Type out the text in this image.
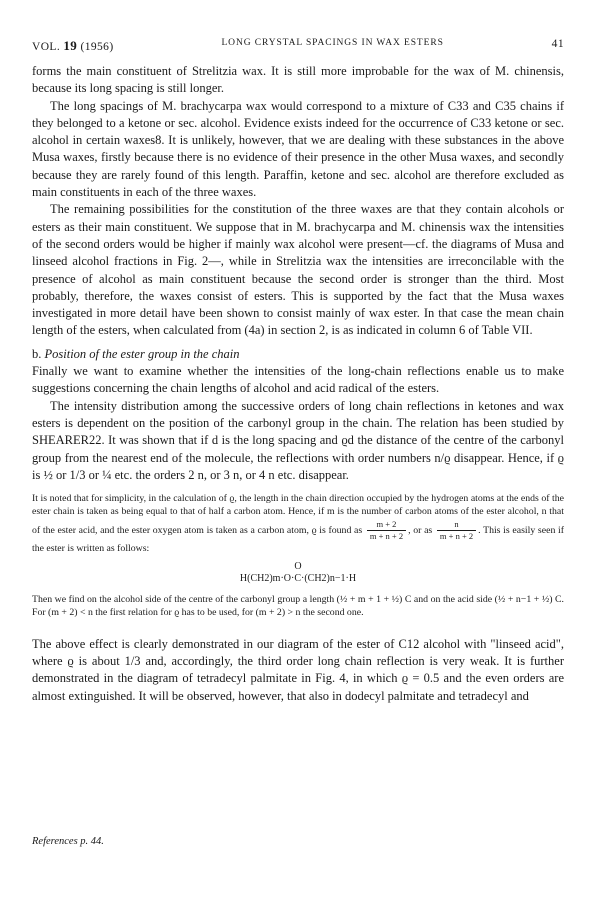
VOL. 19 (1956)	LONG CRYSTAL SPACINGS IN WAX ESTERS	41

forms the main constituent of Strelitzia wax. It is still more improbable for the wax of M. chinensis, because its long spacing is still longer.

The long spacings of M. brachycarpa wax would correspond to a mixture of C33 and C35 chains if they belonged to a ketone or sec. alcohol. Evidence exists indeed for the occurrence of C33 ketone or sec. alcohol in certain waxes8. It is unlikely, however, that we are dealing with these substances in the above Musa waxes, firstly because there is no evidence of their presence in the other Musa waxes, and secondly because they are rarely found of this length. Paraffin, ketone and sec. alcohol are therefore excluded as main constituents in each of the three waxes.

The remaining possibilities for the constitution of the three waxes are that they contain alcohols or esters as their main constituent. We suppose that in M. brachycarpa and M. chinensis wax the intensities of the second orders would be higher if mainly wax alcohol were present—cf. the diagrams of Musa and linseed alcohol fractions in Fig. 2—, while in Strelitzia wax the intensities are irreconcilable with the presence of alcohol as main constituent because the second order is stronger than the third. Most probably, therefore, the waxes consist of esters. This is supported by the fact that the Musa waxes investigated in more detail have been shown to consist mainly of wax ester. In that case the mean chain length of the esters, when calculated from (4a) in section 2, is as indicated in column 6 of Table VII.

b. Position of the ester group in the chain

Finally we want to examine whether the intensities of the long-chain reflections enable us to make suggestions concerning the chain lengths of alcohol and acid radical of the esters.

The intensity distribution among the successive orders of long chain reflections in ketones and wax esters is dependent on the position of the carbonyl group in the chain. The relation has been studied by SHEARER22. It was shown that if d is the long spacing and ϱd the distance of the centre of the carbonyl group from the nearest end of the molecule, the reflections with order numbers n/ϱ disappear. Hence, if ϱ is ½ or 1/3 or ¼ etc. the orders 2 n, or 3 n, or 4 n etc. disappear.

It is noted that for simplicity, in the calculation of ϱ, the length in the chain direction occupied by the hydrogen atoms at the ends of the ester chain is taken as being equal to that of half a carbon atom. Hence, if m is the number of carbon atoms of the ester alcohol, n that of the ester acid, and the ester oxygen atom is taken as a carbon atom, ϱ is found as $\frac{m + 2}{m + n + 2}$ , or as $\frac{n}{m + n + 2}$ . This is easily seen if the ester is written as follows:

O
H(CH2)m·O·C·(CH2)n−1·H

Then we find on the alcohol side of the centre of the carbonyl group a length (½ + m + 1 + ½) C and on the acid side (½ + n−1 + ½) C. For (m + 2) < n the first relation for ϱ has to be used, for (m + 2) > n the second one.

The above effect is clearly demonstrated in our diagram of the ester of C12 alcohol with "linseed acid", where ϱ is about 1/3 and, accordingly, the third order long chain reflection is very weak. It is further demonstrated in the diagram of tetradecyl palmitate in Fig. 4, in which ϱ = 0.5 and the even orders are almost extinguished. It will be observed, however, that also in dodecyl palmitate and tetradecyl and

References p. 44.
